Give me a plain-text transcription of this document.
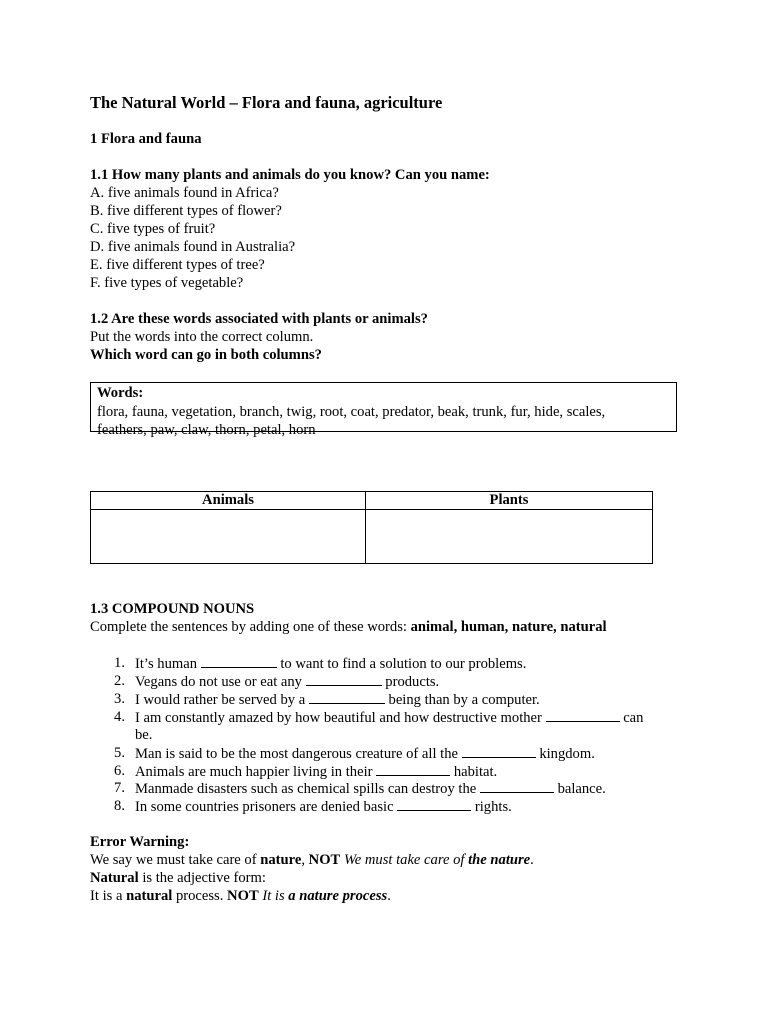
The Natural World – Flora and fauna, agriculture
1 Flora and fauna
1.1 How many plants and animals do you know? Can you name:
A. five animals found in Africa?
B. five different types of flower?
C. five types of fruit?
D. five animals found in Australia?
E. five different types of tree?
F. five types of vegetable?
1.2 Are these words associated with plants or animals?
Put the words into the correct column.
Which word can go in both columns?
Words:
flora, fauna, vegetation, branch, twig, root, coat, predator, beak, trunk, fur, hide, scales,
feathers, paw, claw, thorn, petal, horn
Animals	Plants

1.3 COMPOUND NOUNS
Complete the sentences by adding one of these words: animal, human, nature, natural
1. It’s human	to want to find a solution to our problems.
2. Vegans do not use or eat any	products.
3. I would rather be served by a	being than by a computer.
4. I am constantly amazed by how beautiful and how destructive mother	can
be.
5. Man is said to be the most dangerous creature of all the	kingdom.
6. Animals are much happier living in their	habitat.
7. Manmade disasters such as chemical spills can destroy the	balance.
8. In some countries prisoners are denied basic	rights.
Error Warning:
We say we must take care of nature, NOT We must take care of the nature.
Natural is the adjective form:
It is a natural process. NOT It is a nature process.
